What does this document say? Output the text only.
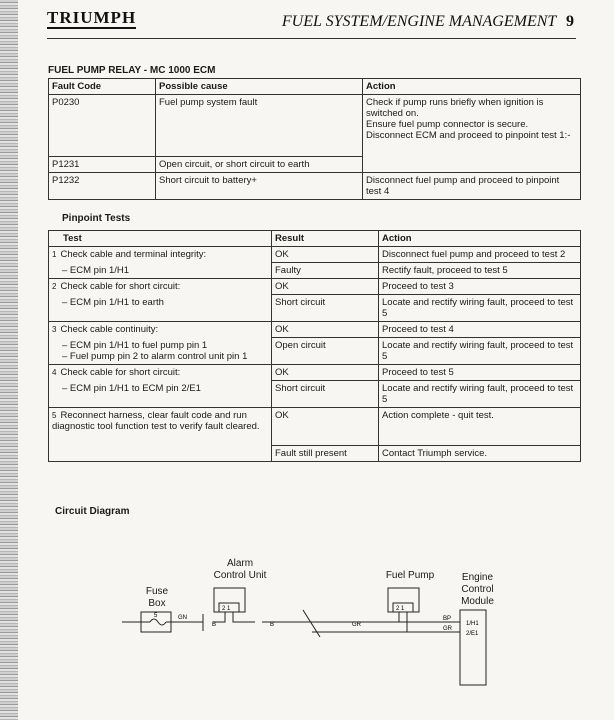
TRIUMPH	FUEL SYSTEM/ENGINE MANAGEMENT 9
FUEL PUMP RELAY - MC 1000 ECM
Fault Code	Possible cause	Action
P0230	Fuel pump system fault	Check if pump runs briefly when ignition is switched on.
Ensure fuel pump connector is secure.
Disconnect ECM and proceed to pinpoint test 1:-
P1231	Open circuit, or short circuit to earth	
P1232	Short circuit to battery+	Disconnect fuel pump and proceed to pinpoint test 4
Pinpoint Tests
Test	Result	Action
1 Check cable and terminal integrity:	OK	Disconnect fuel pump and proceed to test 2

– ECM pin 1/H1	Faulty	Rectify fault, proceed to test 5
2 Check cable for short circuit:	OK	Proceed to test 3

– ECM pin 1/H1 to earth	Short circuit	Locate and rectify wiring fault, proceed to test 5
3 Check cable continuity:	OK	Proceed to test 4

– ECM pin 1/H1 to fuel pump pin 1
– Fuel pump pin 2 to alarm control unit pin 1	Open circuit	Locate and rectify wiring fault, proceed to test 5
4 Check cable for short circuit:	OK	Proceed to test 5

– ECM pin 1/H1 to ECM pin 2/E1	Short circuit	Locate and rectify wiring fault, proceed to test 5
5 Reconnect harness, clear fault code and run diagnostic tool function test to verify fault cleared.	OK	Action complete - quit test.
	Fault still present	Contact Triumph service.
Circuit Diagram
Fuse
Box
Alarm
Control Unit	Fuel Pump	Engine
Control
Module
5	GN
B	B	GR
BP
GR
1/H1
2/E1
2 1	2 1
